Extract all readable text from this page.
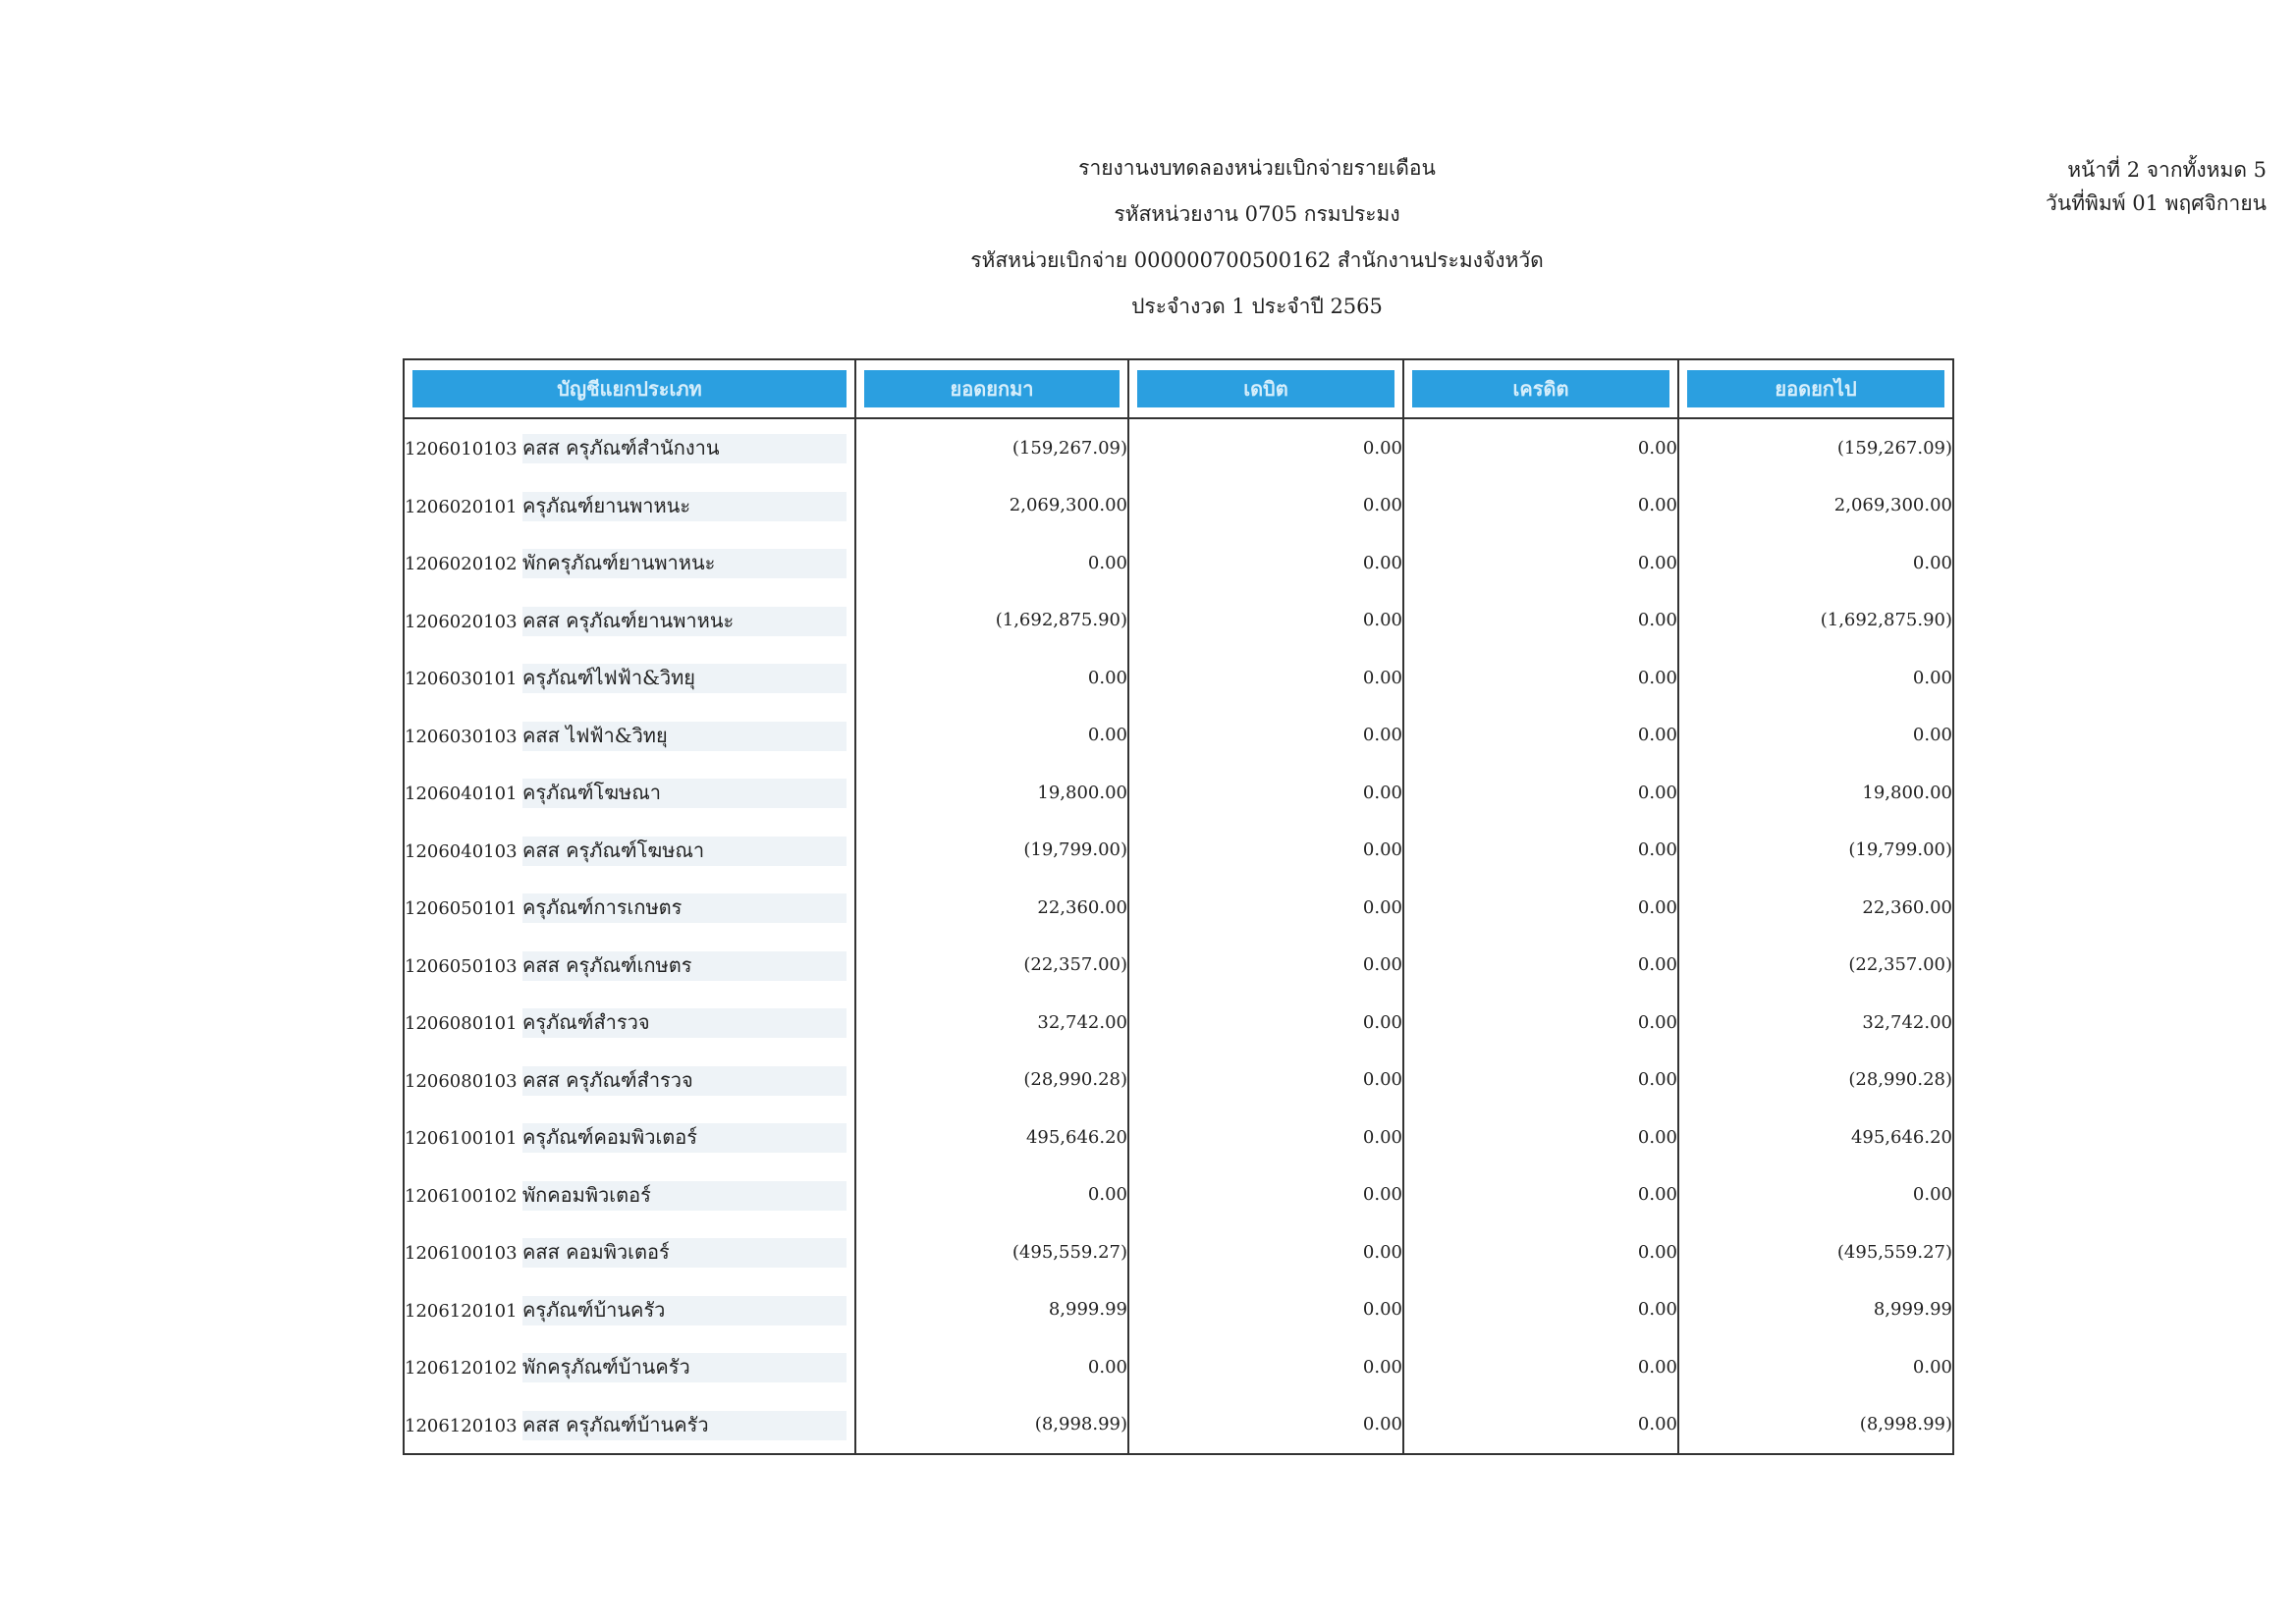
รายงานงบทดลองหน่วยเบิกจ่ายรายเดือน
รหัสหน่วยงาน 0705 กรมประมง
รหัสหน่วยเบิกจ่าย 000000700500162 สำนักงานประมงจังหวัด
ประจำงวด 1 ประจำปี 2565
หน้าที่ 2 จากทั้งหมด 5
วันที่พิมพ์ 01 พฤศจิกายน
บัญชีแยกประเภท	ยอดยกมา	เดบิต	เครดิต	ยอดยกไป

1206010103 คสส ครุภัณฑ์สำนักงาน	(159,267.09)	0.00	0.00	(159,267.09)

1206020101 ครุภัณฑ์ยานพาหนะ	2,069,300.00	0.00	0.00	2,069,300.00

1206020102 พักครุภัณฑ์ยานพาหนะ	0.00	0.00	0.00	0.00

1206020103 คสส ครุภัณฑ์ยานพาหนะ	(1,692,875.90)	0.00	0.00	(1,692,875.90)

1206030101 ครุภัณฑ์ไฟฟ้า&วิทยุ	0.00	0.00	0.00	0.00

1206030103 คสส ไฟฟ้า&วิทยุ	0.00	0.00	0.00	0.00

1206040101 ครุภัณฑ์โฆษณา	19,800.00	0.00	0.00	19,800.00

1206040103 คสส ครุภัณฑ์โฆษณา	(19,799.00)	0.00	0.00	(19,799.00)

1206050101 ครุภัณฑ์การเกษตร	22,360.00	0.00	0.00	22,360.00

1206050103 คสส ครุภัณฑ์เกษตร	(22,357.00)	0.00	0.00	(22,357.00)

1206080101 ครุภัณฑ์สำรวจ	32,742.00	0.00	0.00	32,742.00

1206080103 คสส ครุภัณฑ์สำรวจ	(28,990.28)	0.00	0.00	(28,990.28)

1206100101 ครุภัณฑ์คอมพิวเตอร์	495,646.20	0.00	0.00	495,646.20

1206100102 พักคอมพิวเตอร์	0.00	0.00	0.00	0.00

1206100103 คสส คอมพิวเตอร์	(495,559.27)	0.00	0.00	(495,559.27)

1206120101 ครุภัณฑ์บ้านครัว	8,999.99	0.00	0.00	8,999.99

1206120102 พักครุภัณฑ์บ้านครัว	0.00	0.00	0.00	0.00

1206120103 คสส ครุภัณฑ์บ้านครัว	(8,998.99)	0.00	0.00	(8,998.99)
